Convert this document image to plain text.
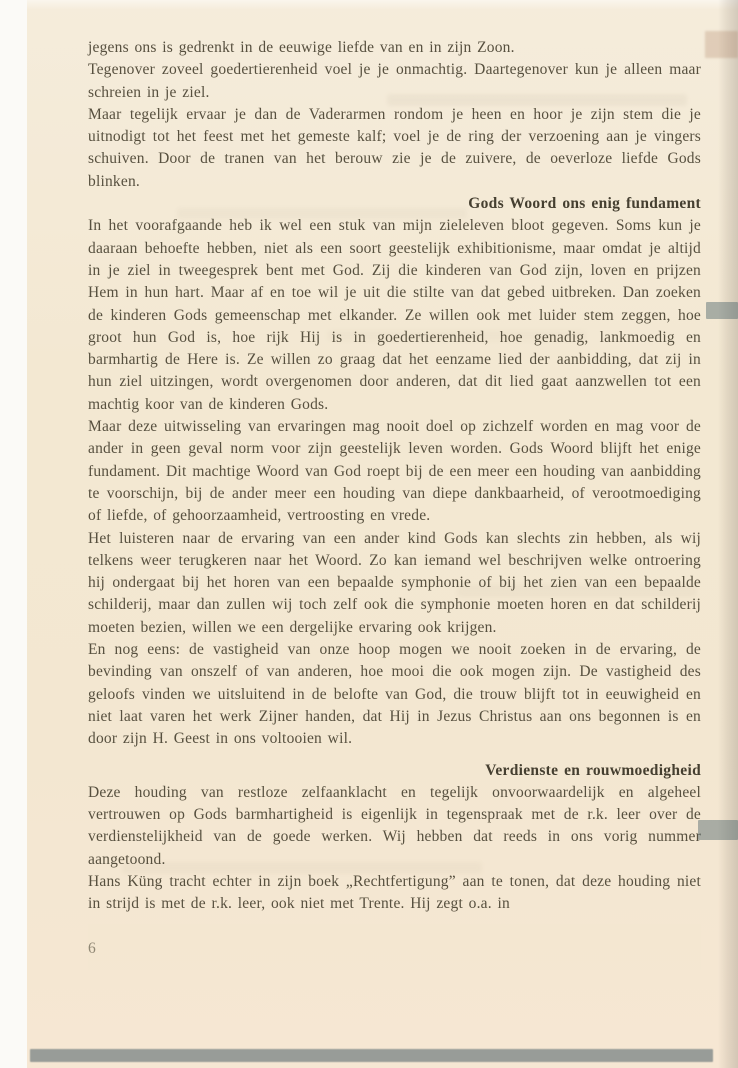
jegens ons is gedrenkt in de eeuwige liefde van en in zijn Zoon.

Tegenover zoveel goedertierenheid voel je je onmachtig. Daartegenover kun je alleen maar schreien in je ziel.

Maar tegelijk ervaar je dan de Vaderarmen rondom je heen en hoor je zijn stem die je uitnodigt tot het feest met het gemeste kalf; voel je de ring der verzoening aan je vingers schuiven. Door de tranen van het berouw zie je de zuivere, de oeverloze liefde Gods blinken.

Gods Woord ons enig fundament

In het voorafgaande heb ik wel een stuk van mijn zieleleven bloot gegeven. Soms kun je daaraan behoefte hebben, niet als een soort geestelijk exhibitionisme, maar omdat je altijd in je ziel in tweegesprek bent met God. Zij die kinderen van God zijn, loven en prijzen Hem in hun hart. Maar af en toe wil je uit die stilte van dat gebed uitbreken. Dan zoeken de kinderen Gods gemeenschap met elkander. Ze willen ook met luider stem zeggen, hoe groot hun God is, hoe rijk Hij is in goedertierenheid, hoe genadig, lankmoedig en barmhartig de Here is. Ze willen zo graag dat het eenzame lied der aanbidding, dat zij in hun ziel uitzingen, wordt overgenomen door anderen, dat dit lied gaat aanzwellen tot een machtig koor van de kinderen Gods.

Maar deze uitwisseling van ervaringen mag nooit doel op zichzelf worden en mag voor de ander in geen geval norm voor zijn geestelijk leven worden. Gods Woord blijft het enige fundament. Dit machtige Woord van God roept bij de een meer een houding van aanbidding te voorschijn, bij de ander meer een houding van diepe dankbaarheid, of verootmoediging of liefde, of gehoorzaamheid, vertroosting en vrede.

Het luisteren naar de ervaring van een ander kind Gods kan slechts zin hebben, als wij telkens weer terugkeren naar het Woord. Zo kan iemand wel beschrijven welke ontroering hij ondergaat bij het horen van een bepaalde symphonie of bij het zien van een bepaalde schilderij, maar dan zullen wij toch zelf ook die symphonie moeten horen en dat schilderij moeten bezien, willen we een dergelijke ervaring ook krijgen.

En nog eens: de vastigheid van onze hoop mogen we nooit zoeken in de ervaring, de bevinding van onszelf of van anderen, hoe mooi die ook mogen zijn. De vastigheid des geloofs vinden we uitsluitend in de belofte van God, die trouw blijft tot in eeuwigheid en niet laat varen het werk Zijner handen, dat Hij in Jezus Christus aan ons begonnen is en door zijn H. Geest in ons voltooien wil.

Verdienste en rouwmoedigheid

Deze houding van restloze zelfaanklacht en tegelijk onvoorwaardelijk en algeheel vertrouwen op Gods barmhartigheid is eigenlijk in tegenspraak met de r.k. leer over de verdienstelijkheid van de goede werken. Wij hebben dat reeds in ons vorig nummer aangetoond.

Hans Küng tracht echter in zijn boek „Rechtfertigung” aan te tonen, dat deze houding niet in strijd is met de r.k. leer, ook niet met Trente. Hij zegt o.a. in

6
